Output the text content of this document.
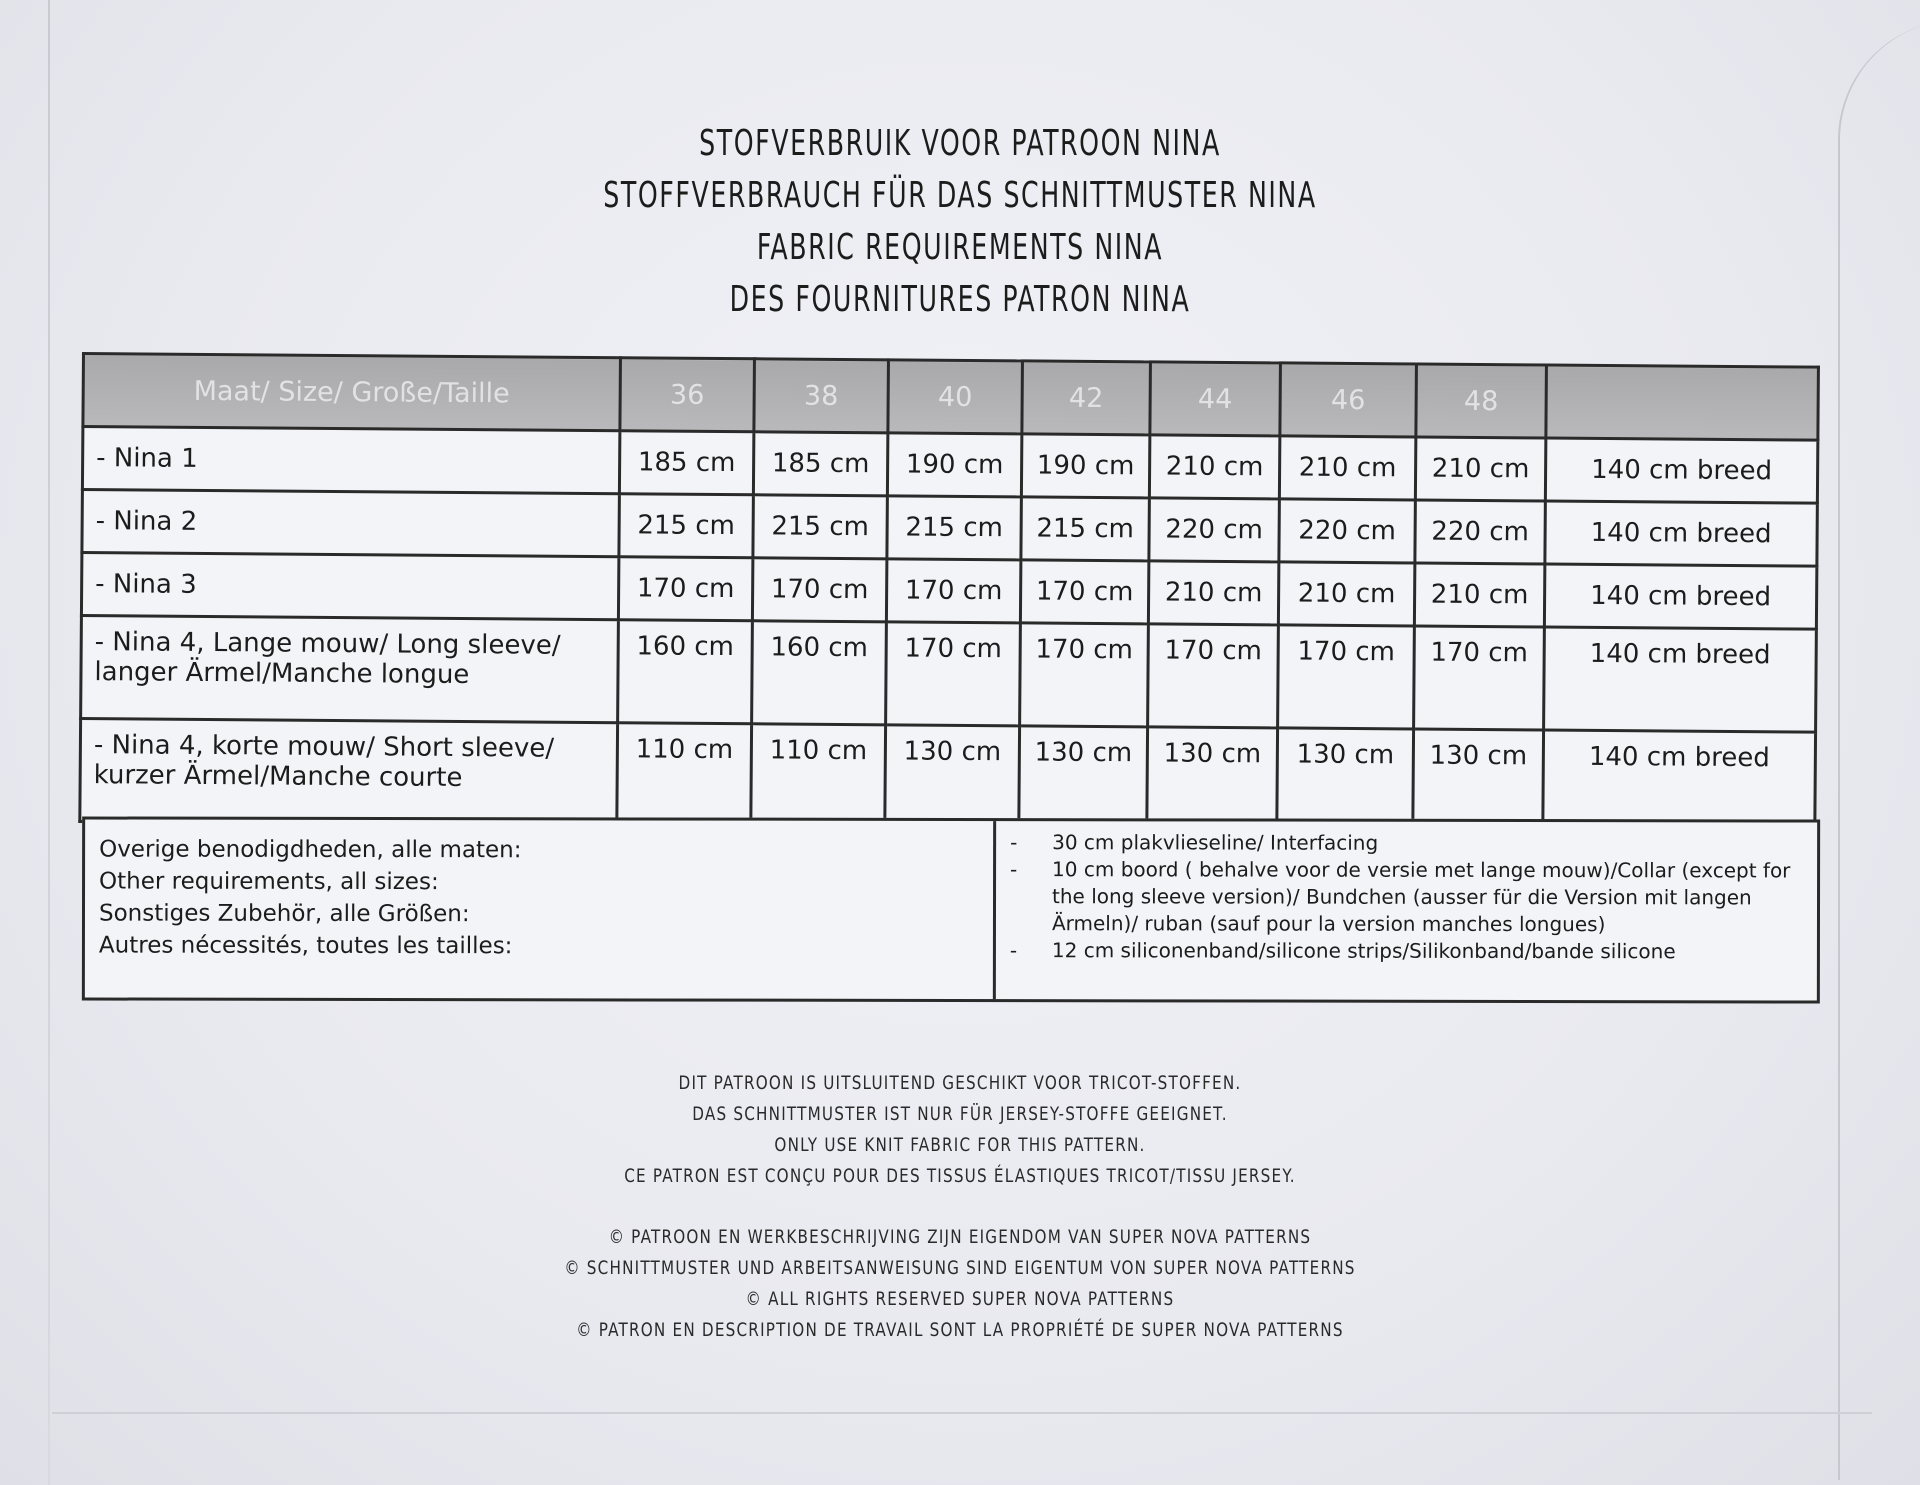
STOFVERBRUIK VOOR PATROON NINA
STOFFVERBRAUCH FÜR DAS SCHNITTMUSTER NINA
FABRIC REQUIREMENTS NINA
DES FOURNITURES PATRON NINA
Maat/ Size/ Große/Taille	36	38	40	42	44	46	48	
- Nina 1	185 cm	185 cm	190 cm	190 cm	210 cm	210 cm	210 cm	140 cm breed
- Nina 2	215 cm	215 cm	215 cm	215 cm	220 cm	220 cm	220 cm	140 cm breed
- Nina 3	170 cm	170 cm	170 cm	170 cm	210 cm	210 cm	210 cm	140 cm breed
- Nina 4, Lange mouw/ Long sleeve/ langer Ärmel/Manche longue	160 cm	160 cm	170 cm	170 cm	170 cm	170 cm	170 cm	140 cm breed
- Nina 4, korte mouw/ Short sleeve/ kurzer Ärmel/Manche courte	110 cm	110 cm	130 cm	130 cm	130 cm	130 cm	130 cm	140 cm breed
Overige benodigdheden, alle maten:
Other requirements, all sizes:
Sonstiges Zubehör, alle Größen:
Autres nécessités, toutes les tailles:
-	30 cm plakvlieseline/ Interfacing
-	10 cm boord ( behalve voor de versie met lange mouw)/Collar (except for the long sleeve version)/ Bundchen (ausser für die Version mit langen Ärmeln)/ ruban (sauf pour la version manches longues)
-	12 cm siliconenband/silicone strips/Silikonband/bande silicone
DIT PATROON IS UITSLUITEND GESCHIKT VOOR TRICOT-STOFFEN.
DAS SCHNITTMUSTER IST NUR FÜR JERSEY-STOFFE GEEIGNET.
ONLY USE KNIT FABRIC FOR THIS PATTERN.
CE PATRON EST CONÇU POUR DES TISSUS ÉLASTIQUES TRICOT/TISSU JERSEY.
© PATROON EN WERKBESCHRIJVING ZIJN EIGENDOM VAN SUPER NOVA PATTERNS
© SCHNITTMUSTER UND ARBEITSANWEISUNG SIND EIGENTUM VON SUPER NOVA PATTERNS
© ALL RIGHTS RESERVED SUPER NOVA PATTERNS
© PATRON EN DESCRIPTION DE TRAVAIL SONT LA PROPRIÉTÉ DE SUPER NOVA PATTERNS
